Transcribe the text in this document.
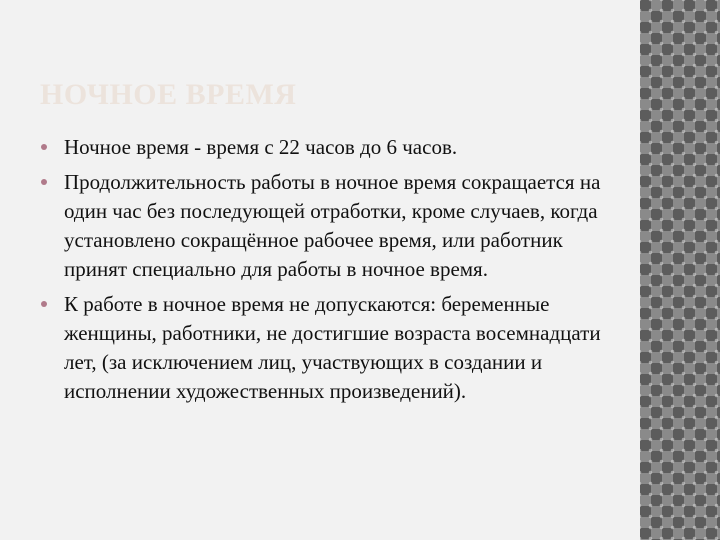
НОЧНОЕ ВРЕМЯ
Ночное время - время с 22 часов до 6 часов.
Продолжительность работы в ночное время сокращается на один час без последующей отработки, кроме случаев, когда установлено сокращённое рабочее время, или работник принят специально для работы в ночное время.
К работе в ночное время не допускаются: беременные женщины, работники, не достигшие возраста восемнадцати лет, (за исключением лиц, участвующих в создании и исполнении художественных произведений).
